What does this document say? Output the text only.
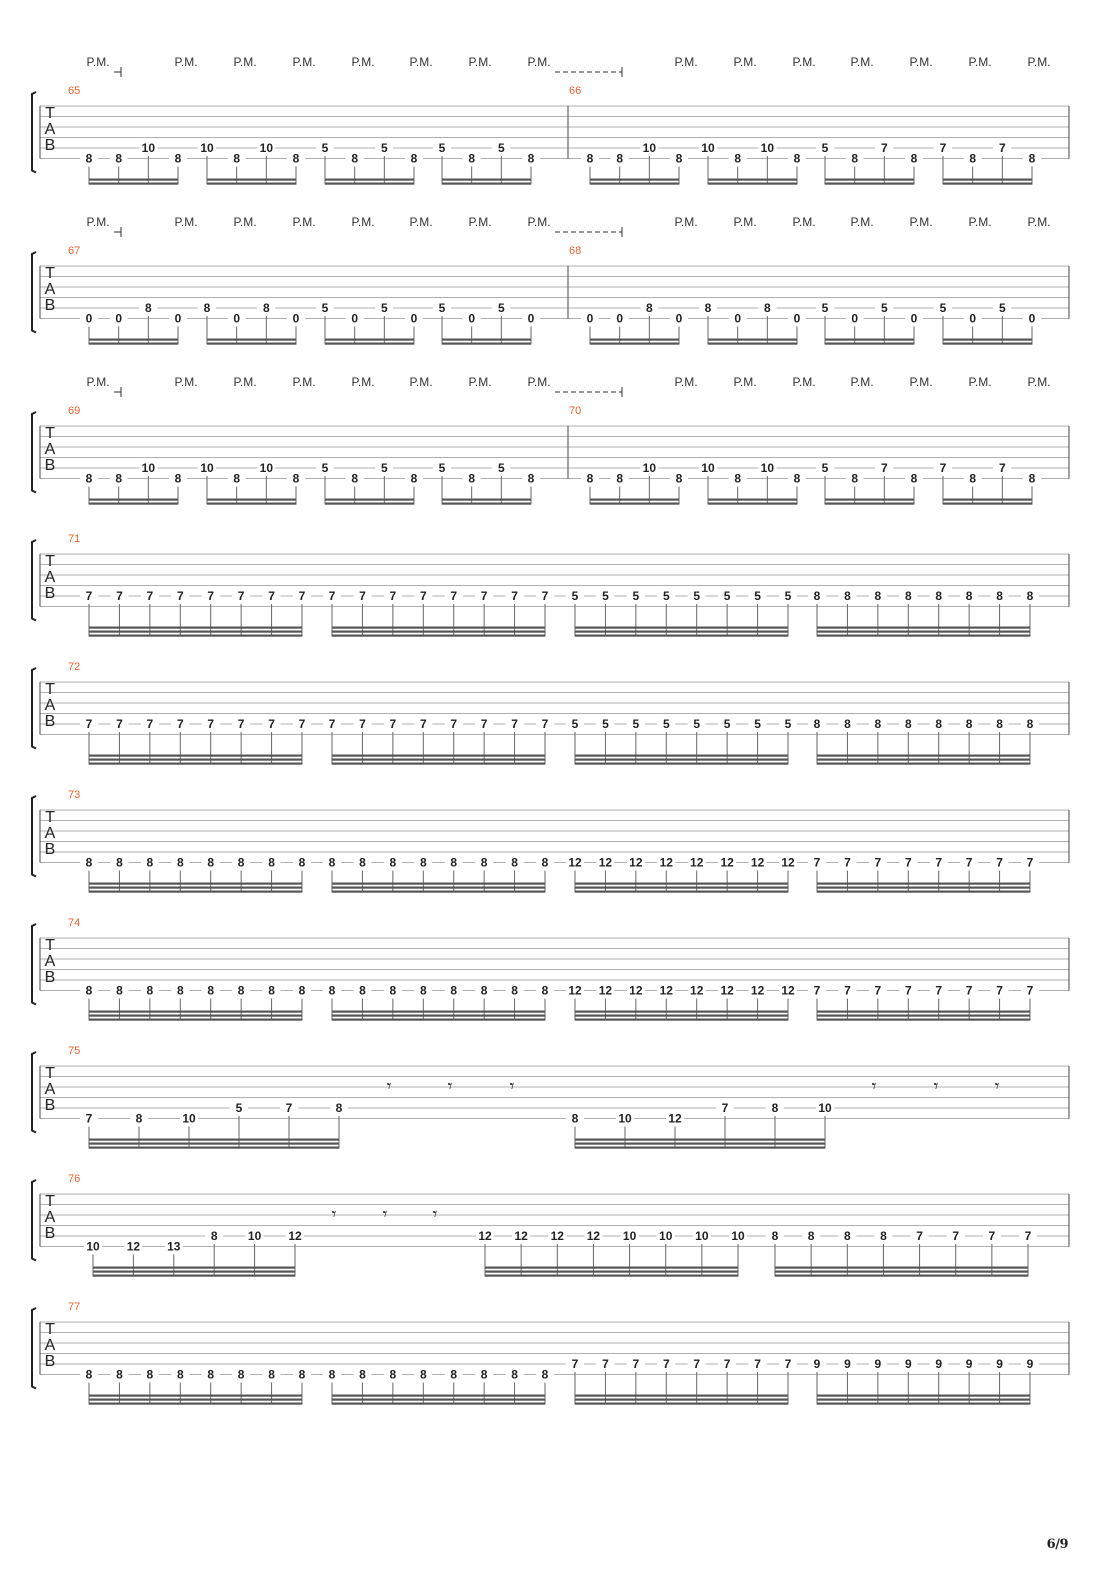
T
A
B
65
8 8
10
8
10
8
10
8
5
8
5
8
5
8
5
8
66
8 8
10
8
10
8
10
8
5
8
7
8
7
8
7
8
P.M.	P.M.	P.M.	P.M.	P.M.	P.M.	P.M.	P.M.	P.M.	P.M.	P.M.	P.M.	P.M.	P.M.	P.M.
T
A
B
67
0 0
8
0
8
0
8
0
5
0
5
0
5
0
5
0
68
0 0
8
0
8
0
8
0
5
0
5
0
5
0
5
0
P.M.	P.M.	P.M.	P.M.	P.M.	P.M.	P.M.	P.M.	P.M.	P.M.	P.M.	P.M.	P.M.	P.M.	P.M.
T
A
B
69
8 8
10
8
10
8
10
8
5
8
5
8
5
8
5
8
70
8 8
10
8
10
8
10
8
5
8
7
8
7
8
7
8
P.M.	P.M.	P.M.	P.M.	P.M.	P.M.	P.M.	P.M.	P.M.	P.M.	P.M.	P.M.	P.M.	P.M.	P.M.
T
A
B
71
7 7 7 7 7 7 7 7 7 7 7 7 7 7 7 7 5 5 5 5 5 5 5 5 8 8 8 8 8 8 8 8
T
A
B
72
7 7 7 7 7 7 7 7 7 7 7 7 7 7 7 7 5 5 5 5 5 5 5 5 8 8 8 8 8 8 8 8
T
A
B
73
8 8 8 8 8 8 8 8 8 8 8 8 8 8 8 8 12 12 12 12 12 12 12 12 7 7 7 7 7 7 7 7
T
A
B
74
8 8 8 8 8 8 8 8 8 8 8 8 8 8 8 8 12 12 12 12 12 12 12 12 7 7 7 7 7 7 7 7
T
A
B
75
7	8	10
5	7	8
𝄾	𝄾	𝄾
8	10	12
7	8	10
𝄾	𝄾	𝄾
T
A
B
76
10 12 13
8	10 12
𝄾	𝄾	𝄾
12 12 12 12 10 10 10 10 8 8 8 8 7 7 7 7
T
A
B
77
8 8 8 8 8 8 8 8 8 8 8 8 8 8 8 8
7 7 7 7 7 7 7 7 9 9 9 9 9 9 9 9
6/9
